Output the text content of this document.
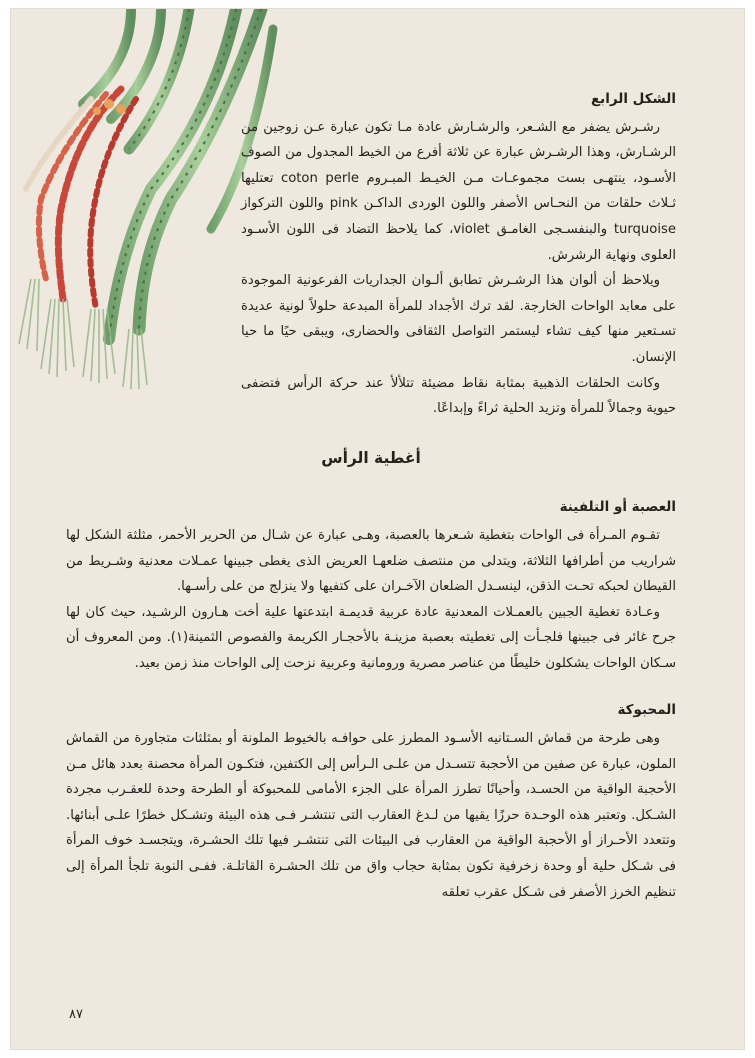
الشكل الرابع

رشـرش يضفر مع الشـعر، والرشـارش عادة مـا تكون عبارة عـن زوجين من الرشـارش، وهذا الرشـرش عبارة عن ثلاثة أفرع من الخيط المجدول من الصوف الأسـود، ينتهـى بست مجموعـات مـن الخيـط المبـروم coton perle تعتليها ثـلاث حلقات من النحـاس الأصفر واللون الوردى الداكـن pink واللون التركواز turquoise والبنفسـجى الغامـق violet، كما يلاحظ التضاد فى اللون الأسـود العلوى ونهاية الرشرش.

ويلاحظ أن ألوان هذا الرشـرش تطابق ألـوان الجداريات الفرعونية الموجودة على معابد الواحات الخارجة. لقد ترك الأجداد للمرأة المبدعة حلولاً لونية عديدة تسـتعير منها كيف تشاء ليستمر التواصل الثقافى والحضارى، ويبقى حيًا ما حيا الإنسان.

وكانت الحلقات الذهبية بمثابة نقاط مضيئة تتلألأ عند حركة الرأس فتضفى حيوية وجمالاً للمرأة وتزيد الحلية ثراءً وإبداعًا.

أغطية الرأس
العصبة أو التلفينة

تقـوم المـرأة فى الواحات بتغطية شـعرها بالعصبة، وهـى عبارة عن شـال من الحرير الأحمر، مثلثة الشكل لها شراريب من أطرافها الثلاثة، ويتدلى من منتصف ضلعهـا العريض الذى يغطى جبينها عمـلات معدنية وشـريط من القيطان لحبكه تحـت الذقن، لينسـدل الضلعان الآخـران على كتفيها ولا ينزلج من على رأسـها.

وعـادة تغطية الجبين بالعمـلات المعدنية عادة عربية قديمـة ابتدعتها علية أخت هـارون الرشـيد، حيث كان لها جرح غائر فى جبينها فلجـأت إلى تغطيته بعصبة مزينـة بالأحجـار الكريمة والفصوص الثمينة(١). ومن المعروف أن سـكان الواحات يشكلون خليطًا من عناصر مصرية ورومانية وعربية نزحت إلى الواحات منذ زمن بعيد.

المحبوكة

وهى طرحة من قماش السـتانيه الأسـود المطرز على حوافـه بالخيوط الملونة أو بمثلثات متجاورة من القماش الملون، عبارة عن صفين من الأحجبة تتسـدل من علـى الـرأس إلى الكتفين، فتكـون المرأة محصنة بعدد هائل مـن الأحجبة الواقية من الحسـد، وأحيانًا تطرز المرأة على الجزء الأمامى للمحبوكة أو الطرحة وحدة للعقـرب مجردة الشـكل. وتعتبر هذه الوحـدة حرزًا يقيها من لـدغ العقارب التى تنتشـر فـى هذه البيئة وتشـكل خطرًا علـى أبنائها. وتتعدد الأحـراز أو الأحجبة الواقية من العقارب فى البيئات التى تنتشـر فيها تلك الحشـرة، ويتجسـد خوف المرأة فى شـكل حلية أو وحدة زخرفية تكون بمثابة حجاب واق من تلك الحشـرة القاتلـة. ففـى النوبة تلجأ المرأة إلى تنظيم الخرز الأصفر فى شـكل عقرب تعلقه

٨٧
